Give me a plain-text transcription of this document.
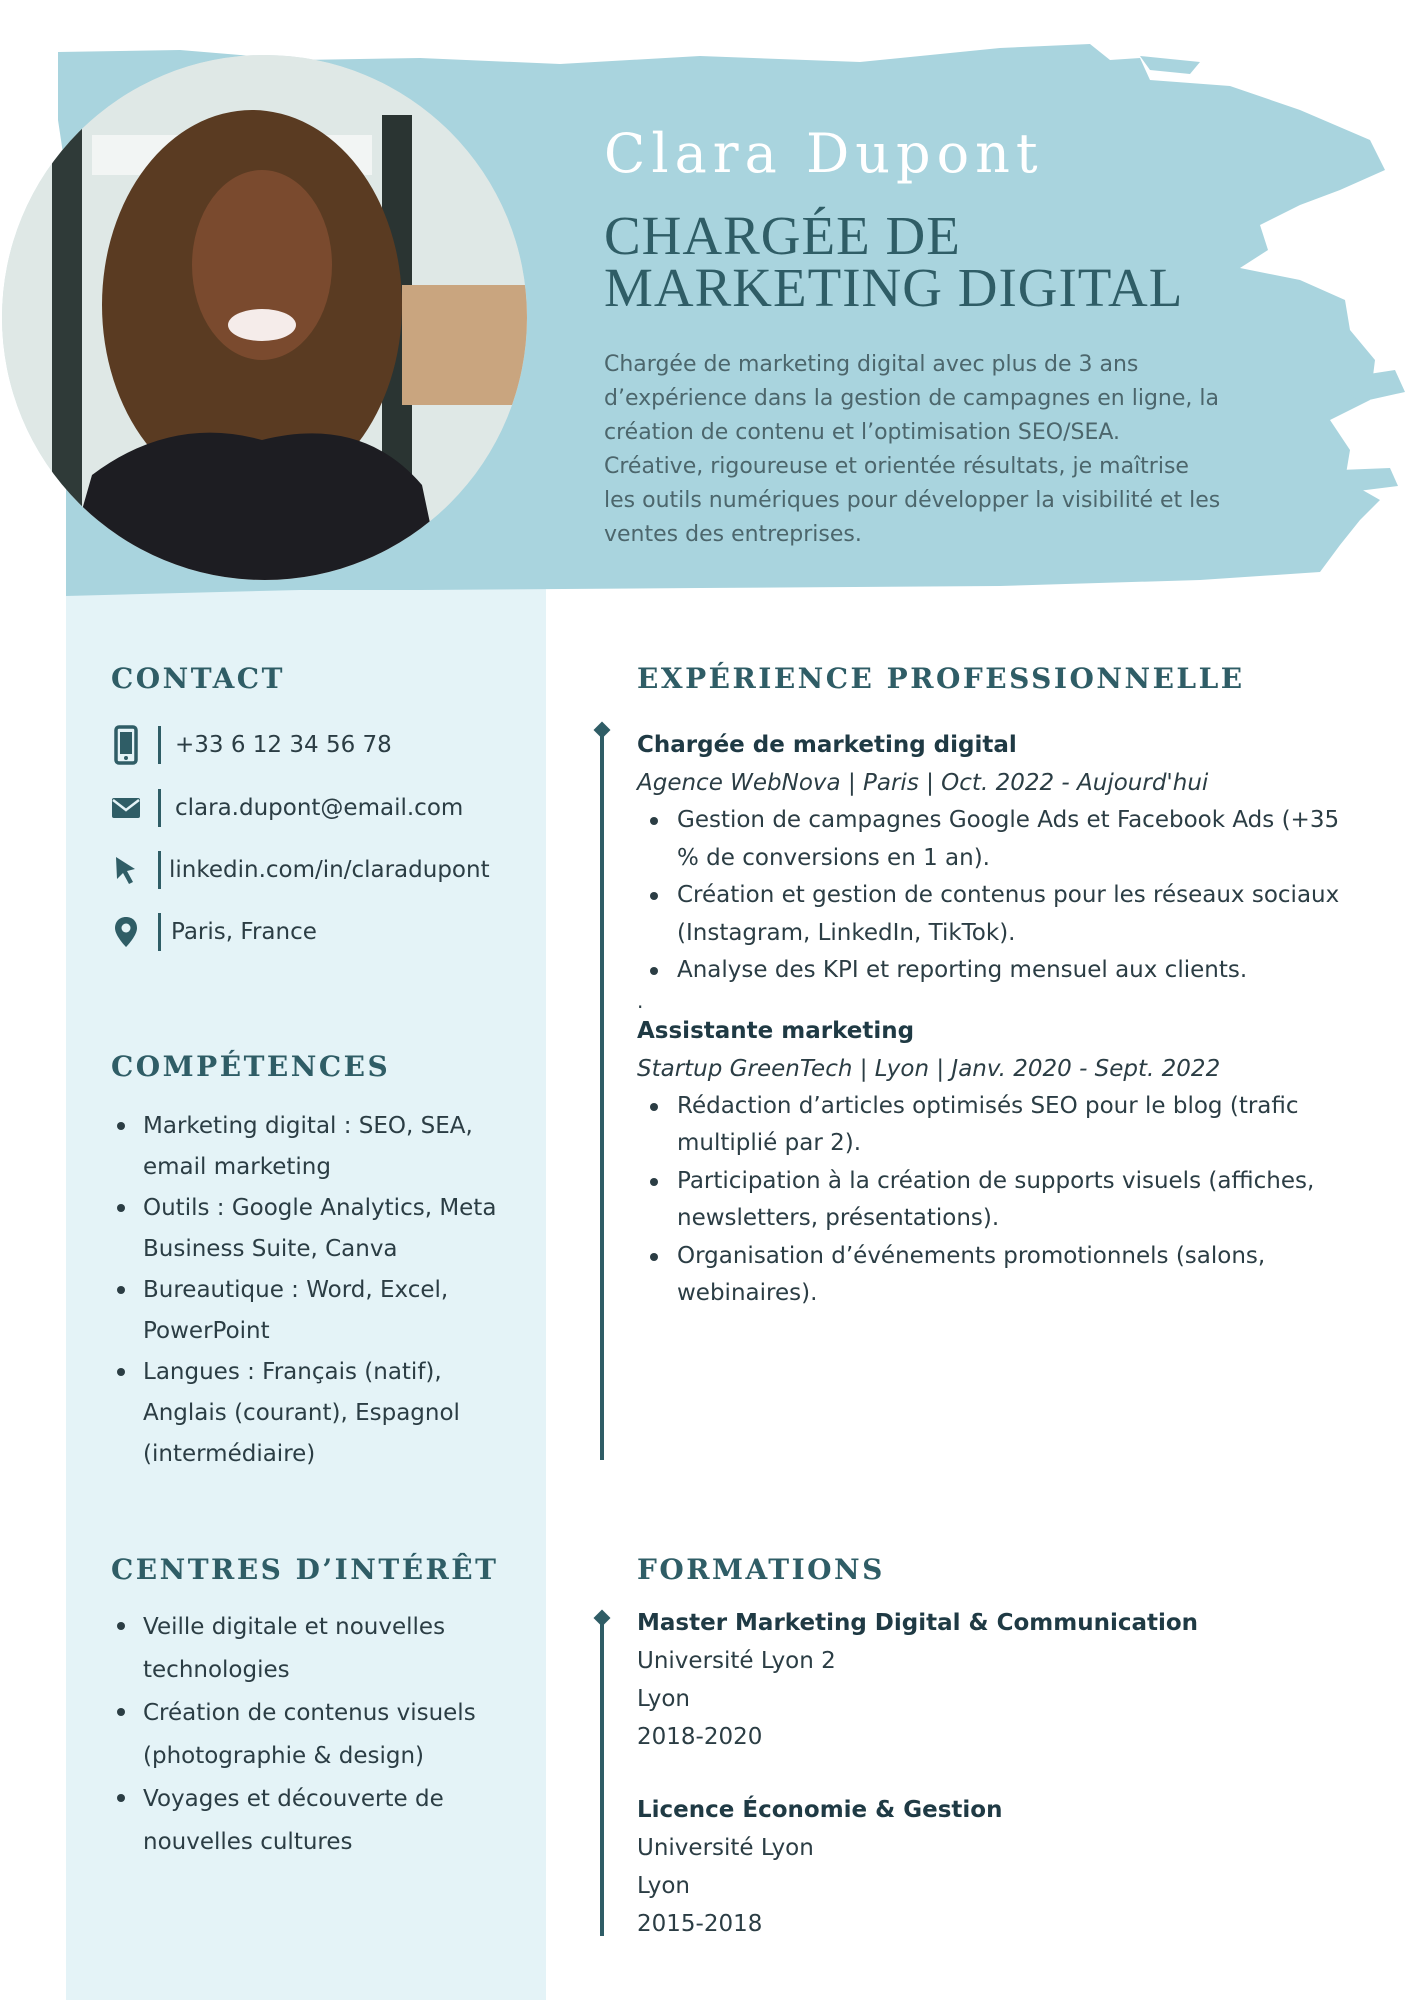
Clara Dupont
CHARGÉE DE
MARKETING DIGITAL

Chargée de marketing digital avec plus de 3 ans d’expérience dans la gestion de campagnes en ligne, la création de contenu et l’optimisation SEO/SEA. Créative, rigoureuse et orientée résultats, je maîtrise les outils numériques pour développer la visibilité et les ventes des entreprises.

CONTACT
+33 6 12 34 56 78
clara.dupont@email.com
linkedin.com/in/claradupont
Paris, France
COMPÉTENCES
Marketing digital : SEO, SEA, email marketing
Outils : Google Analytics, Meta Business Suite, Canva
Bureautique : Word, Excel, PowerPoint
Langues : Français (natif), Anglais (courant), Espagnol (intermédiaire)
CENTRES D’INTÉRÊT
Veille digitale et nouvelles technologies
Création de contenus visuels (photographie & design)
Voyages et découverte de nouvelles cultures
EXPÉRIENCE PROFESSIONNELLE
Chargée de marketing digital
Agence WebNova | Paris | Oct. 2022 - Aujourd'hui
Gestion de campagnes Google Ads et Facebook Ads (+35 % de conversions en 1 an).
Création et gestion de contenus pour les réseaux sociaux (Instagram, LinkedIn, TikTok).
Analyse des KPI et reporting mensuel aux clients.
.
Assistante marketing
Startup GreenTech | Lyon | Janv. 2020 - Sept. 2022
Rédaction d’articles optimisés SEO pour le blog (trafic multiplié par 2).
Participation à la création de supports visuels (affiches, newsletters, présentations).
Organisation d’événements promotionnels (salons, webinaires).
FORMATIONS
Master Marketing Digital & Communication
Université Lyon 2
Lyon
2018-2020
Licence Économie & Gestion
Université Lyon
Lyon
2015-2018
